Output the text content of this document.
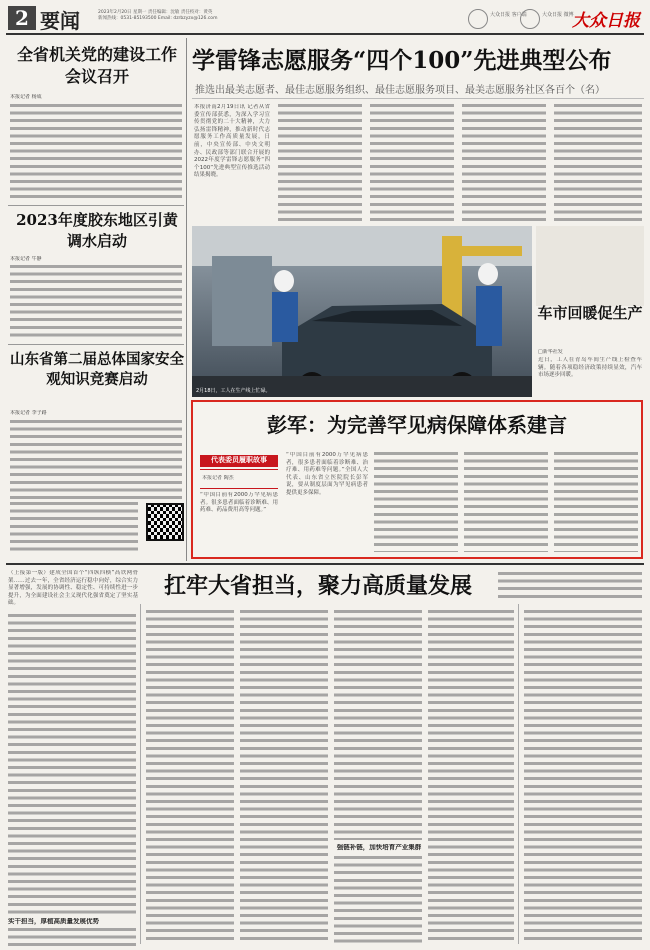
2 要闻	2023年2月20日 星期一 责任编辑：沈敏 责任校对：黄英
新闻热线：0531-85193500 Email: dzrbzyzx@126.com
大众日报 客户端	大众日报 微博
大众日报
全省机关党的建设工作会议召开
本报记者 杨成
2023年度胶东地区引黄调水启动
本报记者 牛静
山东省第二届总体国家安全观知识竞赛启动
本报记者 李子路
学雷锋志愿服务“四个100”先进典型公布
推选出最美志愿者、最佳志愿服务组织、最佳志愿服务项目、最美志愿服务社区各百个（名）
本报济南2月19日讯 记者从省委宣传部获悉，为深入学习宣传贯彻党的二十大精神，大力弘扬雷锋精神，推动新时代志愿服务工作高质量发展，日前，中央宣传部、中央文明办、民政部等部门联合开展的2022年度学雷锋志愿服务“四个100”先进典型宣传推选活动结果揭晓。
2月18日，工人在生产线上忙碌。
车市回暖促生产
□新华社发
近日，工人在青岛车间生产线上检查车辆。随着各项稳经济政策持续显效，汽车市场逐步回暖。
彭军：为完善罕见病保障体系建言
代表委员履职故事
本报记者 陶杰
“中国目前有2000万罕见病患者。很多患者面临着诊断难、用药难、药品费用高等问题。”
“中国目前有2000万罕见病患者，很多患者面临着诊断难、治疗难、用药难等问题。”全国人大代表、山东省立医院院长彭军说，要从制度层面为罕见病患者提供更多保障。
（上接第一版）建成全国首个“四纵四横”高铁网骨架……过去一年，全省经济运行稳中向好，综合实力显著增强，发展的协调性、稳定性、可持续性进一步提升，为全面建设社会主义现代化强省奠定了坚实基础。
扛牢大省担当，聚力高质量发展
实干担当，厚植高质量发展优势
强链补链，加快培育产业集群
